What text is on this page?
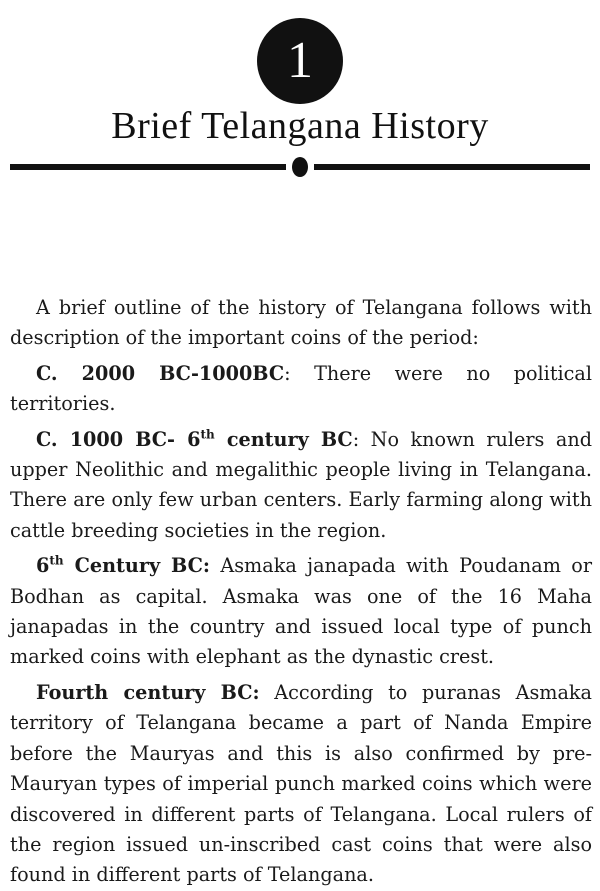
1
Brief Telangana History

A brief outline of the history of Telangana follows with description of the important coins of the period:

C. 2000 BC-1000BC: There were no political territories.

C. 1000 BC- 6th century BC: No known rulers and upper Neolithic and megalithic people living in Telangana. There are only few urban centers. Early farming along with cattle breeding societies in the region.

6th Century BC: Asmaka janapada with Poudanam or Bodhan as capital. Asmaka was one of the 16 Maha janapadas in the country and issued local type of punch marked coins with elephant as the dynastic crest.

Fourth century BC: According to puranas Asmaka territory of Telangana became a part of Nanda Empire before the Mauryas and this is also confirmed by pre-Mauryan types of imperial punch marked coins which were discovered in different parts of Telangana. Local rulers of the region issued un-inscribed cast coins that were also found in different parts of Telangana.
